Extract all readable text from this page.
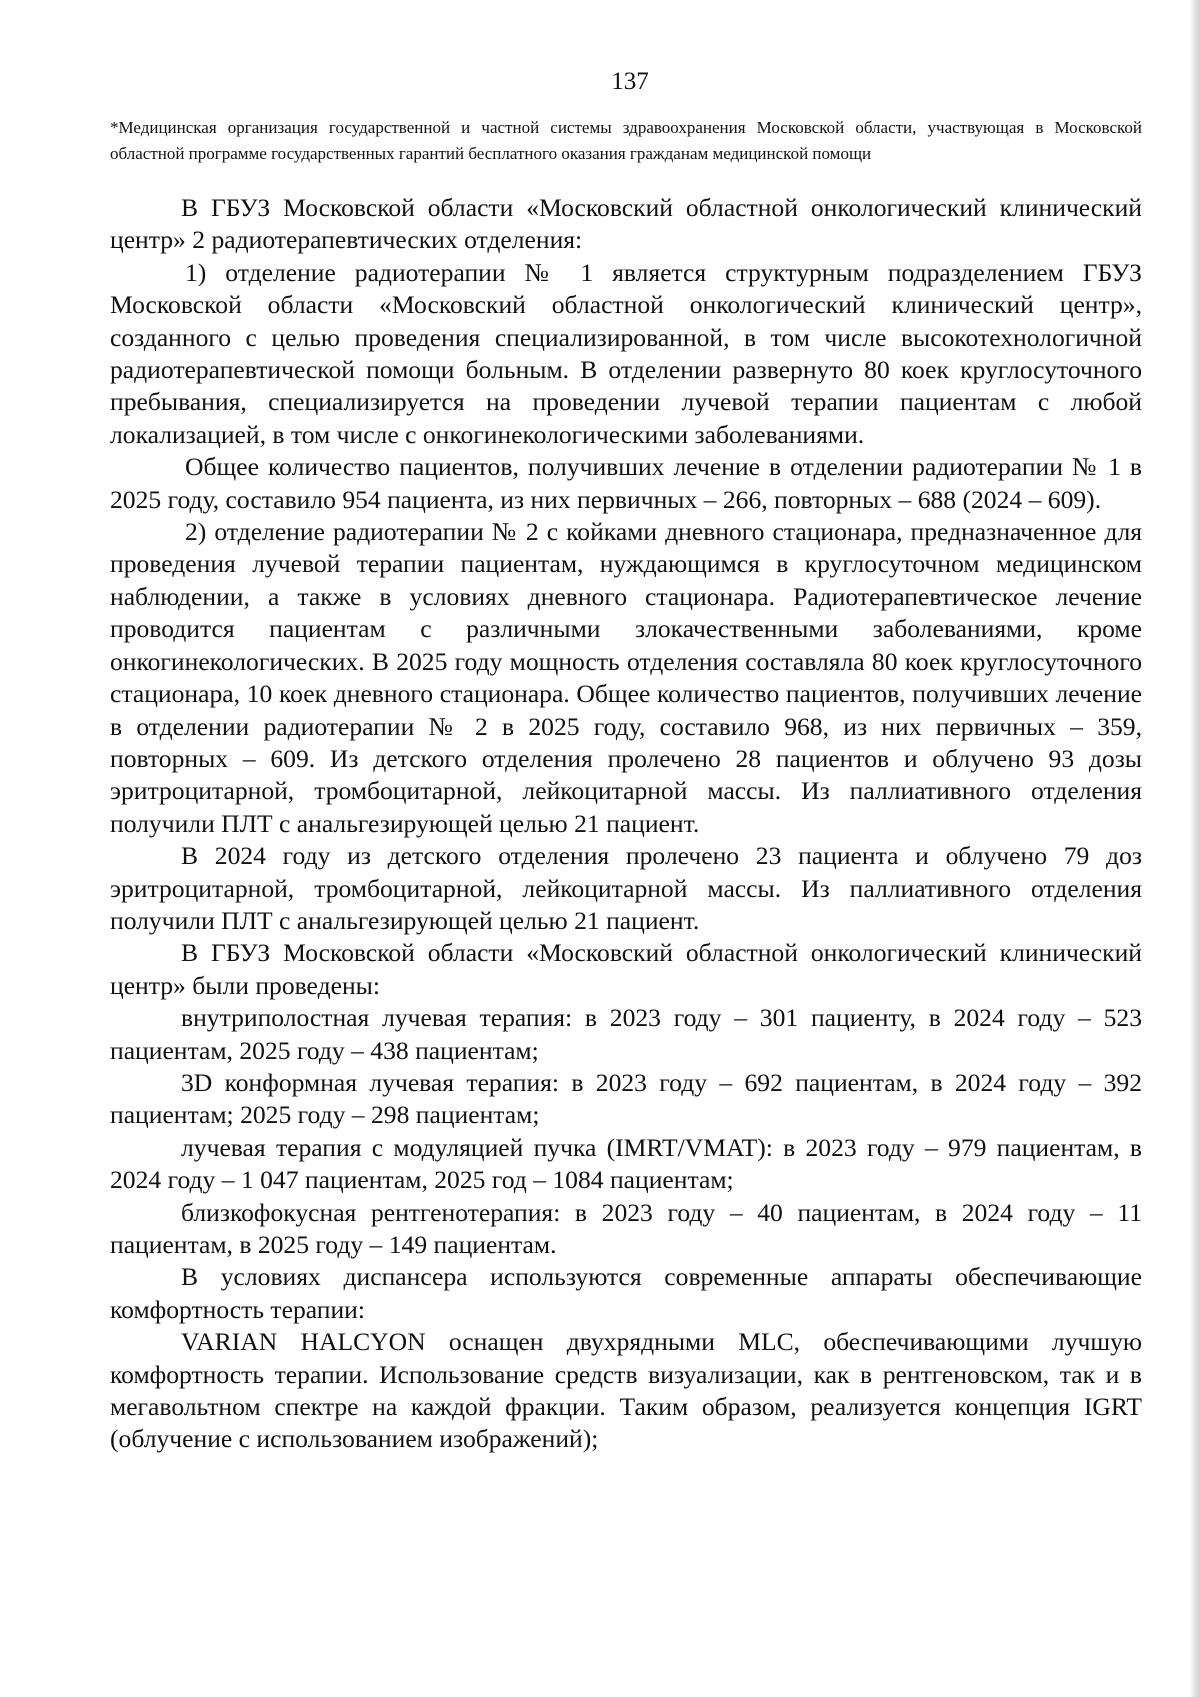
137
*Медицинская организация государственной и частной системы здравоохранения Московской области, участвующая в Московской областной программе государственных гарантий бесплатного оказания гражданам медицинской помощи

В ГБУЗ Московской области «Московский областной онкологический клинический центр» 2 радиотерапевтических отделения:

1) отделение радиотерапии № 1 является структурным подразделением ГБУЗ Московской области «Московский областной онкологический клинический центр», созданного с целью проведения специализированной, в том числе высокотехнологичной радиотерапевтической помощи больным. В отделении развернуто 80 коек круглосуточного пребывания, специализируется на проведении лучевой терапии пациентам с любой локализацией, в том числе с онкогинекологическими заболеваниями.

Общее количество пациентов, получивших лечение в отделении радиотерапии № 1 в 2025 году, составило 954 пациента, из них первичных – 266, повторных – 688 (2024 – 609).

2) отделение радиотерапии № 2 с койками дневного стационара, предназначенное для проведения лучевой терапии пациентам, нуждающимся в круглосуточном медицинском наблюдении, а также в условиях дневного стационара. Радиотерапевтическое лечение проводится пациентам с различными злокачественными заболеваниями, кроме онкогинекологических. В 2025 году мощность отделения составляла 80 коек круглосуточного стационара, 10 коек дневного стационара. Общее количество пациентов, получивших лечение в отделении радиотерапии № 2 в 2025 году, составило 968, из них первичных – 359, повторных – 609. Из детского отделения пролечено 28 пациентов и облучено 93 дозы эритроцитарной, тромбоцитарной, лейкоцитарной массы. Из паллиативного отделения получили ПЛТ с анальгезирующей целью 21 пациент.

В 2024 году из детского отделения пролечено 23 пациента и облучено 79 доз эритроцитарной, тромбоцитарной, лейкоцитарной массы. Из паллиативного отделения получили ПЛТ с анальгезирующей целью 21 пациент.

В ГБУЗ Московской области «Московский областной онкологический клинический центр» были проведены:

внутриполостная лучевая терапия: в 2023 году – 301 пациенту, в 2024 году – 523 пациентам, 2025 году – 438 пациентам;

3D конформная лучевая терапия: в 2023 году – 692 пациентам, в 2024 году – 392 пациентам; 2025 году – 298 пациентам;

лучевая терапия с модуляцией пучка (IMRT/VMAT): в 2023 году – 979 пациентам, в 2024 году – 1 047 пациентам, 2025 год – 1084 пациентам;

близкофокусная рентгенотерапия: в 2023 году – 40 пациентам, в 2024 году – 11 пациентам, в 2025 году – 149 пациентам.

В условиях диспансера используются современные аппараты обеспечивающие комфортность терапии:

VARIAN HALCYON оснащен двухрядными MLC, обеспечивающими лучшую комфортность терапии. Использование средств визуализации, как в рентгеновском, так и в мегавольтном спектре на каждой фракции. Таким образом, реализуется концепция IGRT (облучение с использованием изображений);
